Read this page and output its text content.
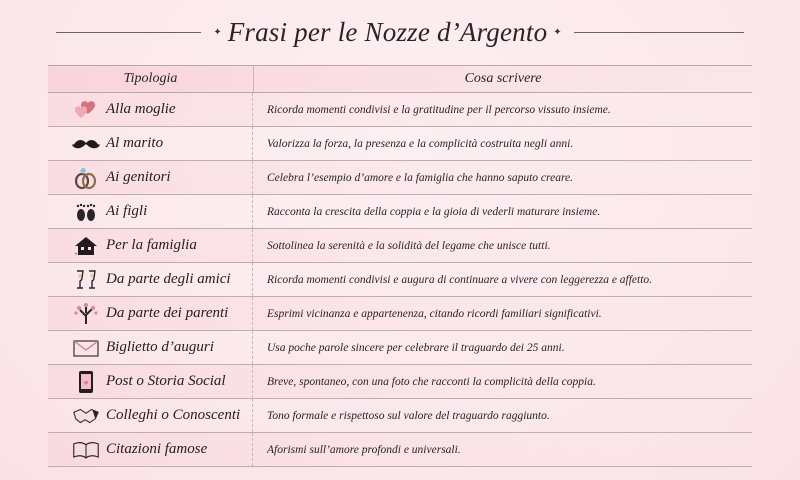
✦ Frasi per le Nozze d’Argento ✦
Tipologia	Cosa scrivere
Alla moglie	Ricorda momenti condivisi e la gratitudine per il percorso vissuto insieme.
Al marito	Valorizza la forza, la presenza e la complicità costruita negli anni.
Ai genitori	Celebra l’esempio d’amore e la famiglia che hanno saputo creare.
Ai figli	Racconta la crescita della coppia e la gioia di vederli maturare insieme.
Per la famiglia	Sottolinea la serenità e la solidità del legame che unisce tutti.
Da parte degli amici	Ricorda momenti condivisi e augura di continuare a vivere con leggerezza e affetto.
Da parte dei parenti	Esprimi vicinanza e appartenenza, citando ricordi familiari significativi.
Biglietto d’auguri	Usa poche parole sincere per celebrare il traguardo dei 25 anni.
Post o Storia Social	Breve, spontaneo, con una foto che racconti la complicità della coppia.
Colleghi o Conoscenti	Tono formale e rispettoso sul valore del traguardo raggiunto.
Citazioni famose	Aforismi sull’amore profondi e universali.
